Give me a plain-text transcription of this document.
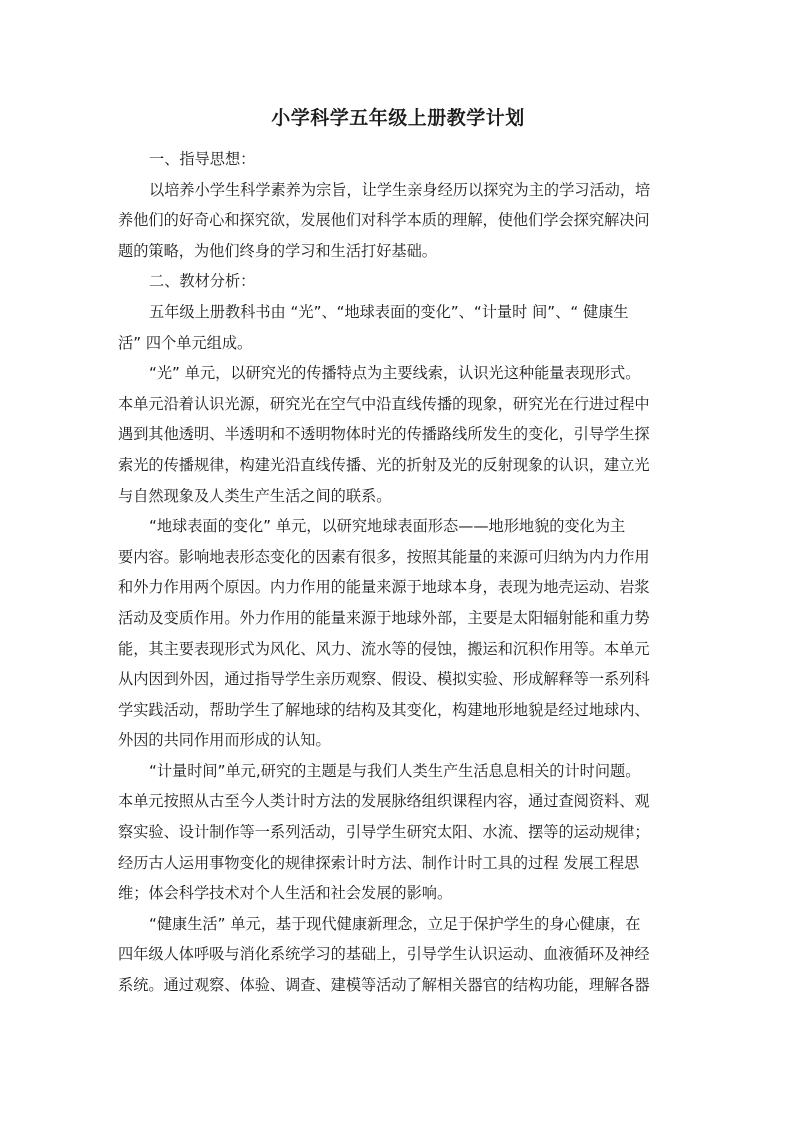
小学科学五年级上册教学计划
一、指导思想：
以培养小学生科学素养为宗旨，让学生亲身经历以探究为主的学习活动，培
养他们的好奇心和探究欲，发展他们对科学本质的理解，使他们学会探究解决问
题的策略，为他们终身的学习和生活打好基础。
二、教材分析：
五年级上册教科书由 “光”、“地球表面的变化”、“计量时 间”、“ 健康生
活” 四个单元组成。
“光” 单元，以研究光的传播特点为主要线索，认识光这种能量表现形式。
本单元沿着认识光源，研究光在空气中沿直线传播的现象，研究光在行进过程中
遇到其他透明、半透明和不透明物体时光的传播路线所发生的变化，引导学生探
索光的传播规律，构建光沿直线传播、光的折射及光的反射现象的认识，建立光
与自然现象及人类生产生活之间的联系。
“地球表面的变化” 单元，以研究地球表面形态——地形地貌的变化为主
要内容。影响地表形态变化的因素有很多，按照其能量的来源可归纳为内力作用
和外力作用两个原因。内力作用的能量来源于地球本身，表现为地壳运动、岩浆
活动及变质作用。外力作用的能量来源于地球外部，主要是太阳辐射能和重力势
能，其主要表现形式为风化、风力、流水等的侵蚀，搬运和沉积作用等。本单元
从内因到外因，通过指导学生亲历观察、假设、模拟实验、形成解释等一系列科
学实践活动，帮助学生了解地球的结构及其变化，构建地形地貌是经过地球内、
外因的共同作用而形成的认知。
“计量时间”单元,研究的主题是与我们人类生产生活息息相关的计时问题。
本单元按照从古至今人类计时方法的发展脉络组织课程内容，通过查阅资料、观
察实验、设计制作等一系列活动，引导学生研究太阳、水流、摆等的运动规律；
经历古人运用事物变化的规律探索计时方法、制作计时工具的过程 发展工程思
维；体会科学技术对个人生活和社会发展的影响。
“健康生活” 单元，基于现代健康新理念，立足于保护学生的身心健康，在
四年级人体呼吸与消化系统学习的基础上，引导学生认识运动、血液循环及神经
系统。通过观察、体验、调查、建模等活动了解相关器官的结构功能，理解各器
